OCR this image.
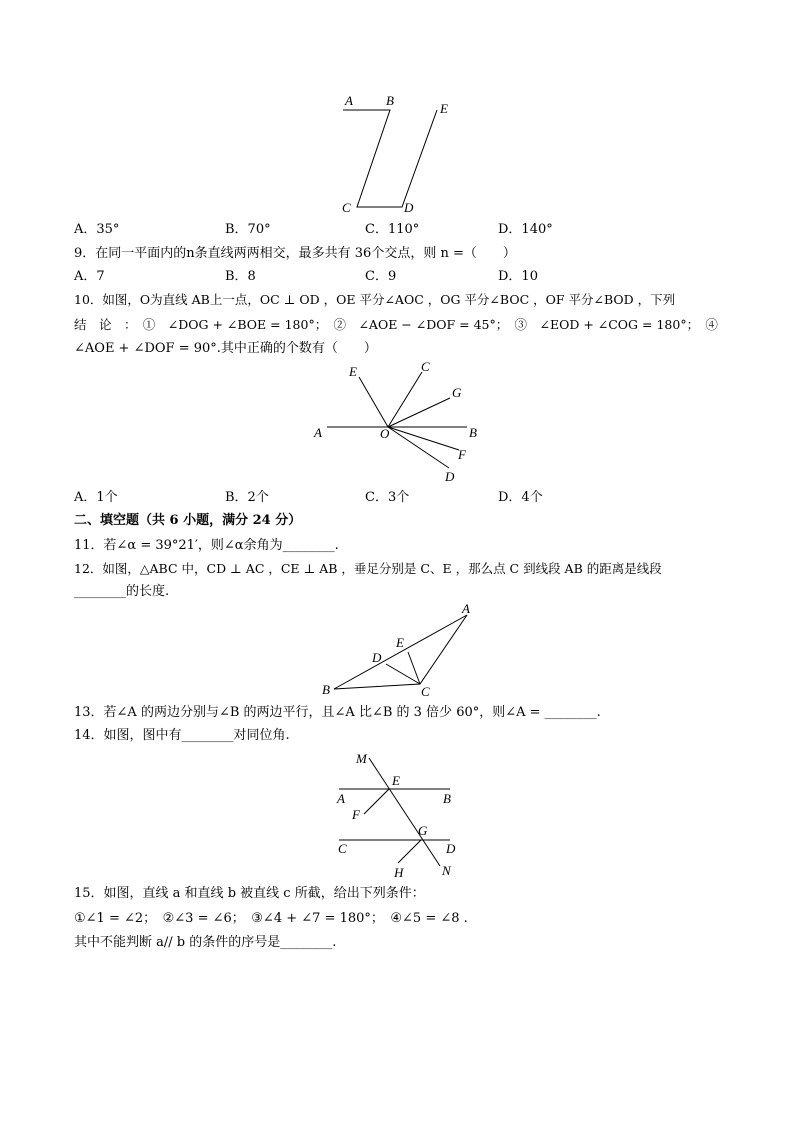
A	B
E
C	D
A．35°	B．70°	C．110°	D．140°
9．在同一平面内的n条直线两两相交，最多共有 36个交点，则 n =（　　）
A．7	B．8	C．9	D．10
10．如图，O为直线 AB上一点，OC ⊥ OD ，OE 平分∠AOC ，OG 平分∠BOC ，OF 平分∠BOD ，下列
结　论　：　①　∠DOG + ∠BOE = 180°；　②　∠AOE − ∠DOF = 45°；　③　∠EOD + ∠COG = 180°；　④
∠AOE + ∠DOF = 90°.其中正确的个数有（　　）
E	C
G
A	O	B
F
D
A．1个	B．2个	C．3个	D．4个
二、填空题（共 6 小题，满分 24 分）
11．若∠α = 39°21′，则∠α余角为________.
12．如图，△ABC 中，CD ⊥ AC ，CE ⊥ AB ，垂足分别是 C、E ，那么点 C 到线段 AB 的距离是线段
________的长度.
A
E
D
B	C
13．若∠A 的两边分别与∠B 的两边平行，且∠A 比∠B 的 3 倍少 60°，则∠A = ________.
14．如图，图中有________对同位角.
M
E
A	B
F
G
C	D
H	N
15．如图，直线 a 和直线 b 被直线 c 所截，给出下列条件：
①∠1 = ∠2；　②∠3 = ∠6；　③∠4 + ∠7 = 180°；　④∠5 = ∠8 .
其中不能判断 a// b 的条件的序号是________.
